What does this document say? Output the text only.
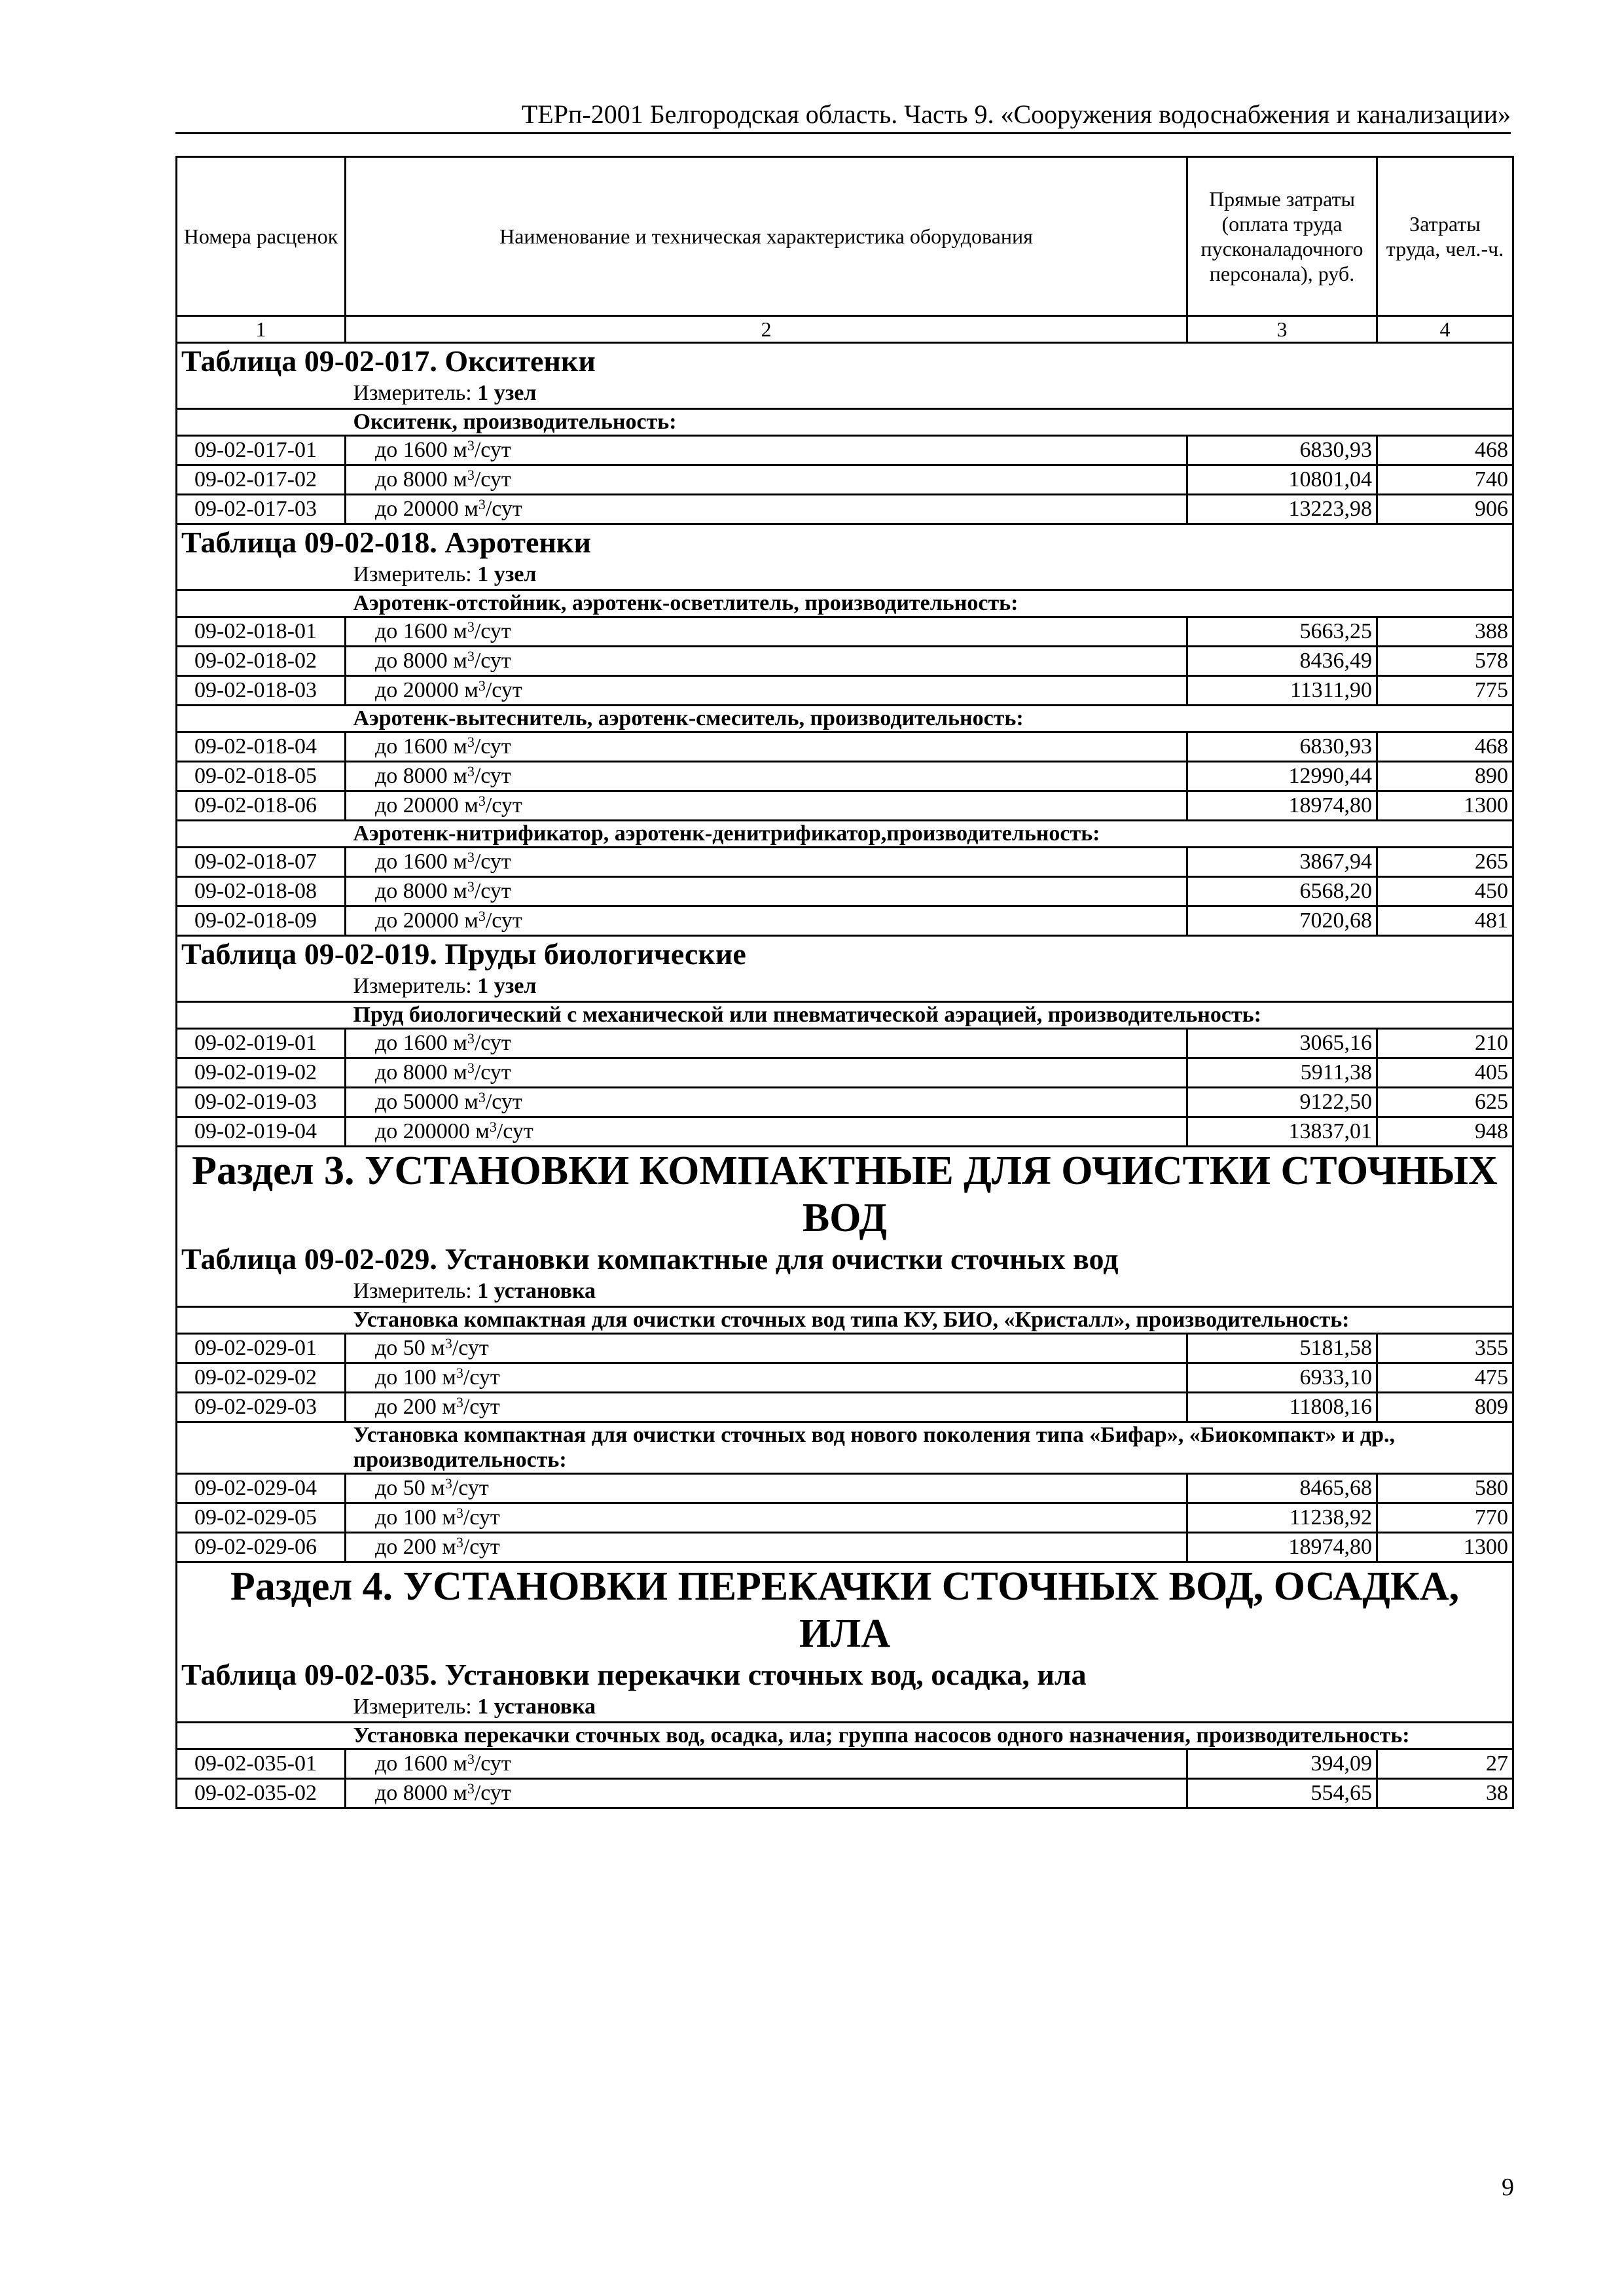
ТЕРп-2001 Белгородская область. Часть 9. «Сооружения водоснабжения и канализации»
Номера расценок	Наименование и техническая характеристика оборудования	Прямые затраты (оплата труда пусконаладочного персонала), руб.	Затраты труда, чел.-ч.
1	2	3	4
Таблица 09-02-017. Окситенки			
	Измеритель: 1 узел		
	Окситенк, производительность:		
09-02-017-01	до 1600 $м^3$/сут	6830,93	468
09-02-017-02	до 8000 $м^3$/сут	10801,04	740
09-02-017-03	до 20000 $м^3$/сут	13223,98	906
Таблица 09-02-018. Аэротенки			
	Измеритель: 1 узел		
	Аэротенк-отстойник, аэротенк-осветлитель, производительность:		
09-02-018-01	до 1600 $м^3$/сут	5663,25	388
09-02-018-02	до 8000 $м^3$/сут	8436,49	578
09-02-018-03	до 20000 $м^3$/сут	11311,90	775
	Аэротенк-вытеснитель, аэротенк-смеситель, производительность:		
09-02-018-04	до 1600 $м^3$/сут	6830,93	468
09-02-018-05	до 8000 $м^3$/сут	12990,44	890
09-02-018-06	до 20000 $м^3$/сут	18974,80	1300
	Аэротенк-нитрификатор, аэротенк-денитрификатор,производительность:		
09-02-018-07	до 1600 $м^3$/сут	3867,94	265
09-02-018-08	до 8000 $м^3$/сут	6568,20	450
09-02-018-09	до 20000 $м^3$/сут	7020,68	481
Таблица 09-02-019. Пруды биологические			
	Измеритель: 1 узел		
	Пруд биологический с механической или пневматической аэрацией, производительность:		
09-02-019-01	до 1600 $м^3$/сут	3065,16	210
09-02-019-02	до 8000 $м^3$/сут	5911,38	405
09-02-019-03	до 50000 $м^3$/сут	9122,50	625
09-02-019-04	до 200000 $м^3$/сут	13837,01	948
Раздел 3. УСТАНОВКИ КОМПАКТНЫЕ ДЛЯ ОЧИСТКИ СТОЧНЫХ ВОД			
Таблица 09-02-029. Установки компактные для очистки сточных вод			
	Измеритель: 1 установка		
	Установка компактная для очистки сточных вод типа КУ, БИО, «Кристалл», производительность:		
09-02-029-01	до 50 $м^3$/сут	5181,58	355
09-02-029-02	до 100 $м^3$/сут	6933,10	475
09-02-029-03	до 200 $м^3$/сут	11808,16	809
	Установка компактная для очистки сточных вод нового поколения типа «Бифар», «Биокомпакт» и др., производительность:		
09-02-029-04	до 50 $м^3$/сут	8465,68	580
09-02-029-05	до 100 $м^3$/сут	11238,92	770
09-02-029-06	до 200 $м^3$/сут	18974,80	1300
Раздел 4. УСТАНОВКИ ПЕРЕКАЧКИ СТОЧНЫХ ВОД, ОСАДКА, ИЛА			
Таблица 09-02-035. Установки перекачки сточных вод, осадка, ила			
	Измеритель: 1 установка		
	Установка перекачки сточных вод, осадка, ила; группа насосов одного назначения, производительность:		
09-02-035-01	до 1600 $м^3$/сут	394,09	27
09-02-035-02	до 8000 $м^3$/сут	554,65	38
9
